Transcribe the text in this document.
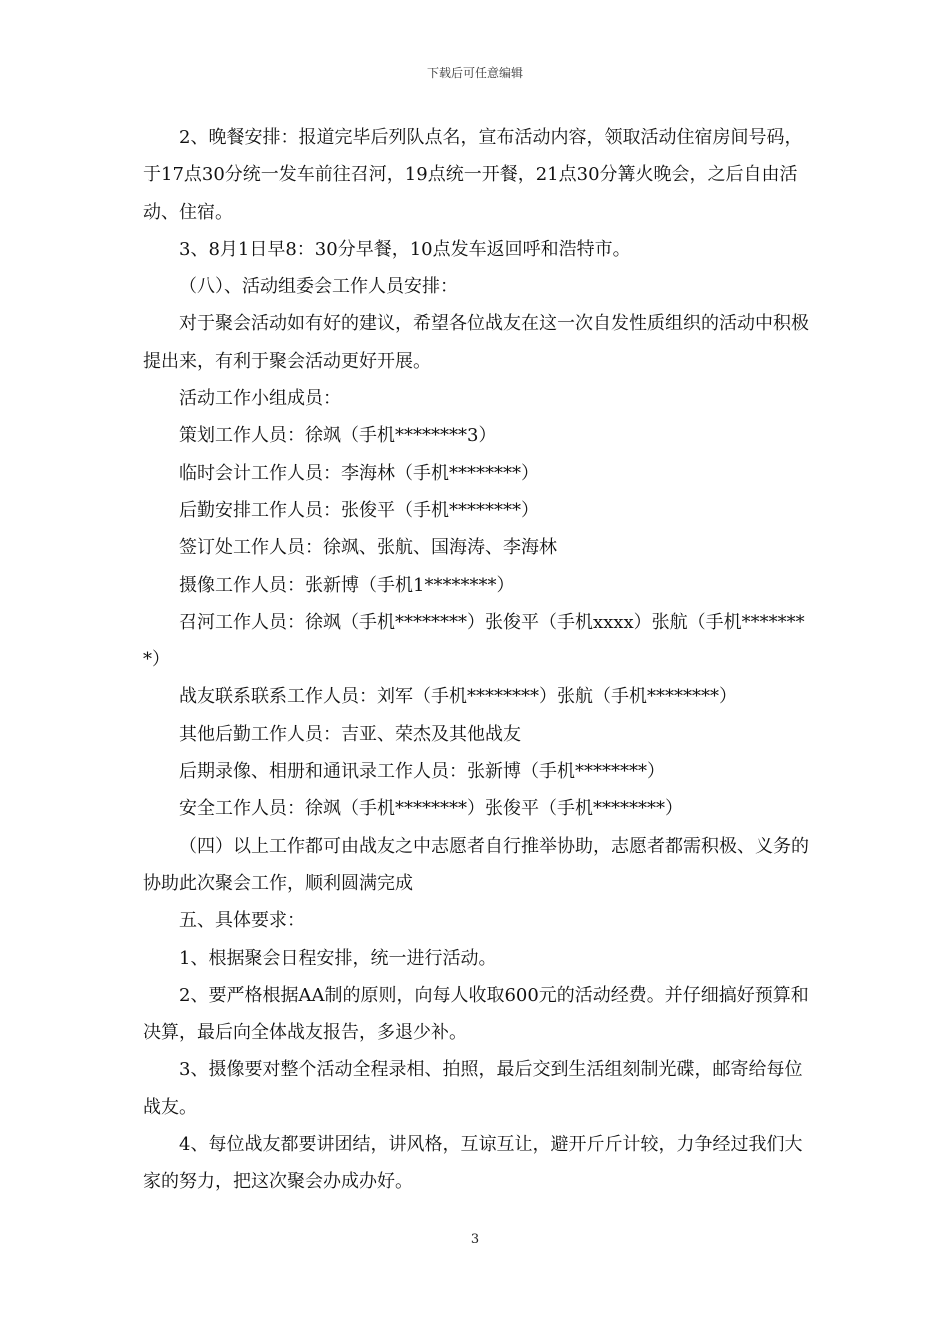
下载后可任意编辑

2、晚餐安排：报道完毕后列队点名，宣布活动内容，领取活动住宿房间号码，于17点30分统一发车前往召河，19点统一开餐，21点30分篝火晚会，之后自由活动、住宿。

3、8月1日早8：30分早餐，10点发车返回呼和浩特市。

（八）、活动组委会工作人员安排：

对于聚会活动如有好的建议，希望各位战友在这一次自发性质组织的活动中积极提出来，有利于聚会活动更好开展。

活动工作小组成员：

策划工作人员：徐飒（手机********3）

临时会计工作人员：李海林（手机********）

后勤安排工作人员：张俊平（手机********）

签订处工作人员：徐飒、张航、国海涛、李海林

摄像工作人员：张新博（手机1********）

召河工作人员：徐飒（手机********）张俊平（手机xxxx）张航（手机********）

战友联系联系工作人员：刘军（手机********）张航（手机********）

其他后勤工作人员：吉亚、荣杰及其他战友

后期录像、相册和通讯录工作人员：张新博（手机********）

安全工作人员：徐飒（手机********）张俊平（手机********）

（四）以上工作都可由战友之中志愿者自行推举协助，志愿者都需积极、义务的协助此次聚会工作，顺利圆满完成

五、具体要求：

1、根据聚会日程安排，统一进行活动。

2、要严格根据AA制的原则，向每人收取600元的活动经费。并仔细搞好预算和决算，最后向全体战友报告，多退少补。

3、摄像要对整个活动全程录相、拍照，最后交到生活组刻制光碟，邮寄给每位战友。

4、每位战友都要讲团结，讲风格，互谅互让，避开斤斤计较，力争经过我们大家的努力，把这次聚会办成办好。

3
